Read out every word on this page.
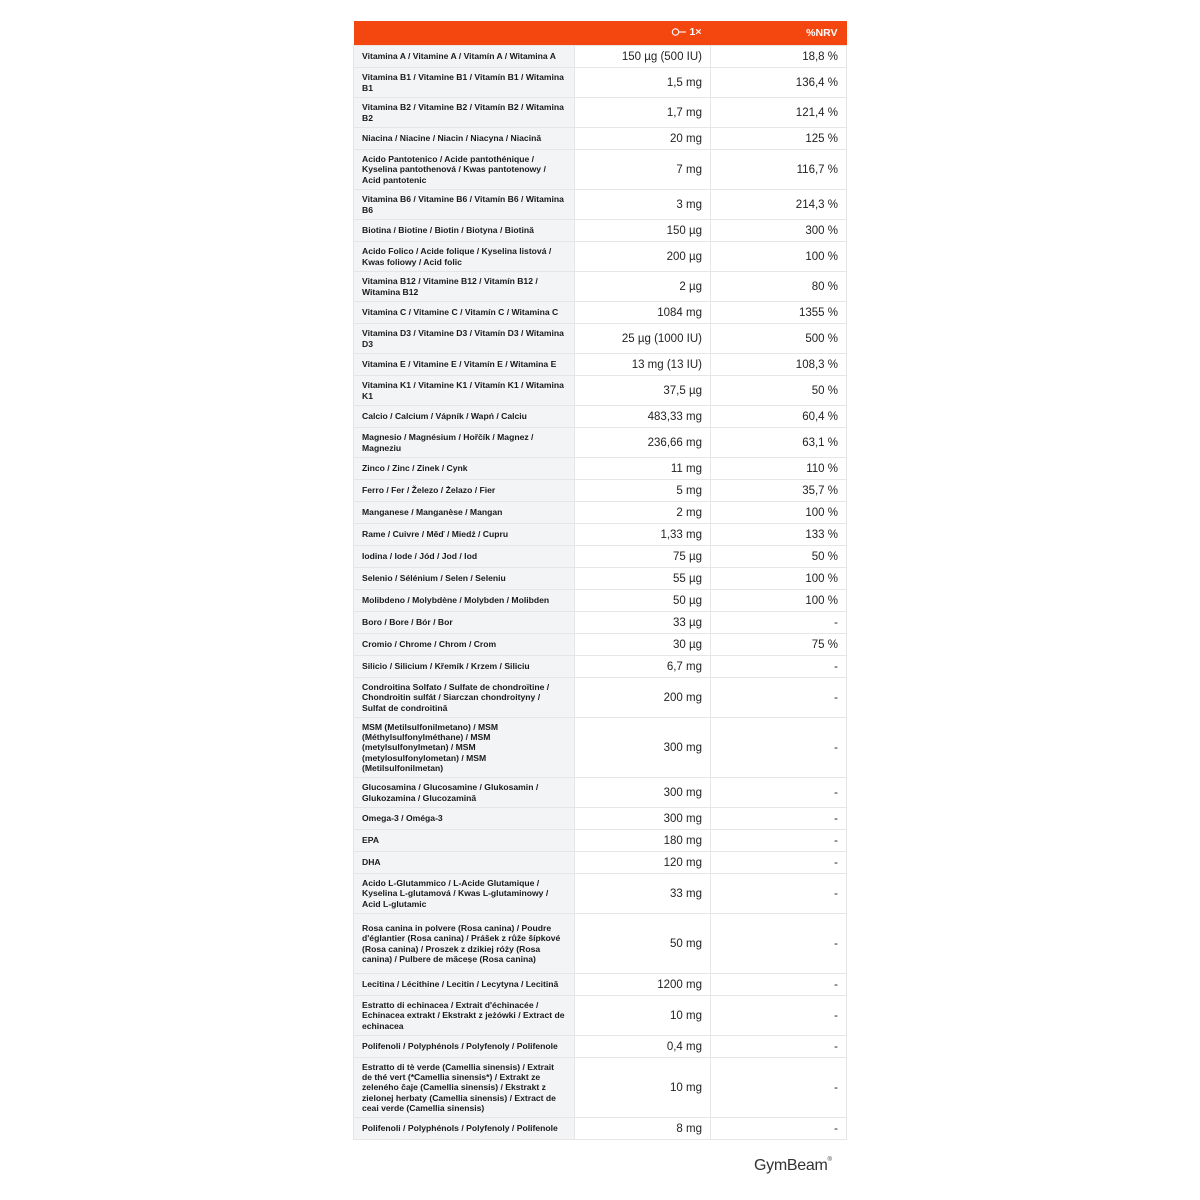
	1×	%NRV
Vitamina A / Vitamine A / Vitamín A / Witamina A	150 µg (500 IU)	18,8 %
Vitamina B1 / Vitamine B1 / Vitamín B1 / Witamina B1	1,5 mg	136,4 %
Vitamina B2 / Vitamine B2 / Vitamín B2 / Witamina B2	1,7 mg	121,4 %
Niacina / Niacine / Niacin / Niacyna / Niacină	20 mg	125 %
Acido Pantotenico / Acide pantothénique / Kyselina pantothenová / Kwas pantotenowy / Acid pantotenic	7 mg	116,7 %
Vitamina B6 / Vitamine B6 / Vitamín B6 / Witamina B6	3 mg	214,3 %
Biotina / Biotine / Biotin / Biotyna / Biotină	150 µg	300 %
Acido Folico / Acide folique / Kyselina listová / Kwas foliowy / Acid folic	200 µg	100 %
Vitamina B12 / Vitamine B12 / Vitamín B12 / Witamina B12	2 µg	80 %
Vitamina C / Vitamine C / Vitamín C / Witamina C	1084 mg	1355 %
Vitamina D3 / Vitamine D3 / Vitamín D3 / Witamina D3	25 µg (1000 IU)	500 %
Vitamina E / Vitamine E / Vitamín E / Witamina E	13 mg (13 IU)	108,3 %
Vitamina K1 / Vitamine K1 / Vitamín K1 / Witamina K1	37,5 µg	50 %
Calcio / Calcium / Vápník / Wapń / Calciu	483,33 mg	60,4 %
Magnesio / Magnésium / Hořčík / Magnez / Magneziu	236,66 mg	63,1 %
Zinco / Zinc / Zinek / Cynk	11 mg	110 %
Ferro / Fer / Železo / Żelazo / Fier	5 mg	35,7 %
Manganese / Manganèse / Mangan	2 mg	100 %
Rame / Cuivre / Měď / Miedź / Cupru	1,33 mg	133 %
Iodina / Iode / Jód / Jod / Iod	75 µg	50 %
Selenio / Sélénium / Selen / Seleniu	55 µg	100 %
Molibdeno / Molybdène / Molybden / Molibden	50 µg	100 %
Boro / Bore / Bór / Bor	33 µg	-
Cromio / Chrome / Chrom / Crom	30 µg	75 %
Silicio / Silicium / Křemík / Krzem / Siliciu	6,7 mg	-
Condroitina Solfato / Sulfate de chondroïtine / Chondroitin sulfát / Siarczan chondroityny / Sulfat de condroitină	200 mg	-
MSM (Metilsulfonilmetano) / MSM (Méthylsulfonylméthane) / MSM (metylsulfonylmetan) / MSM (metylosulfonylometan) / MSM (Metilsulfonilmetan)	300 mg	-
Glucosamina / Glucosamine / Glukosamin / Glukozamina / Glucozamină	300 mg	-
Omega-3 / Oméga-3	300 mg	-
EPA	180 mg	-
DHA	120 mg	-
Acido L-Glutammico / L-Acide Glutamique / Kyselina L-glutamová / Kwas L-glutaminowy / Acid L-glutamic	33 mg	-
Rosa canina in polvere (Rosa canina) / Poudre d'églantier (Rosa canina) / Prášek z růže šípkové (Rosa canina) / Proszek z dzikiej róży (Rosa canina) / Pulbere de măceșe (Rosa canina)	50 mg	-
Lecitina / Lécithine / Lecitin / Lecytyna / Lecitină	1200 mg	-
Estratto di echinacea / Extrait d'échinacée / Echinacea extrakt / Ekstrakt z jeżówki / Extract de echinacea	10 mg	-
Polifenoli / Polyphénols / Polyfenoly / Polifenole	0,4 mg	-
Estratto di tè verde (Camellia sinensis) / Extrait de thé vert (*Camellia sinensis*) / Extrakt ze zeleného čaje (Camellia sinensis) / Ekstrakt z zielonej herbaty (Camellia sinensis) / Extract de ceai verde (Camellia sinensis)	10 mg	-
Polifenoli / Polyphénols / Polyfenoly / Polifenole	8 mg	-
GymBeam®
